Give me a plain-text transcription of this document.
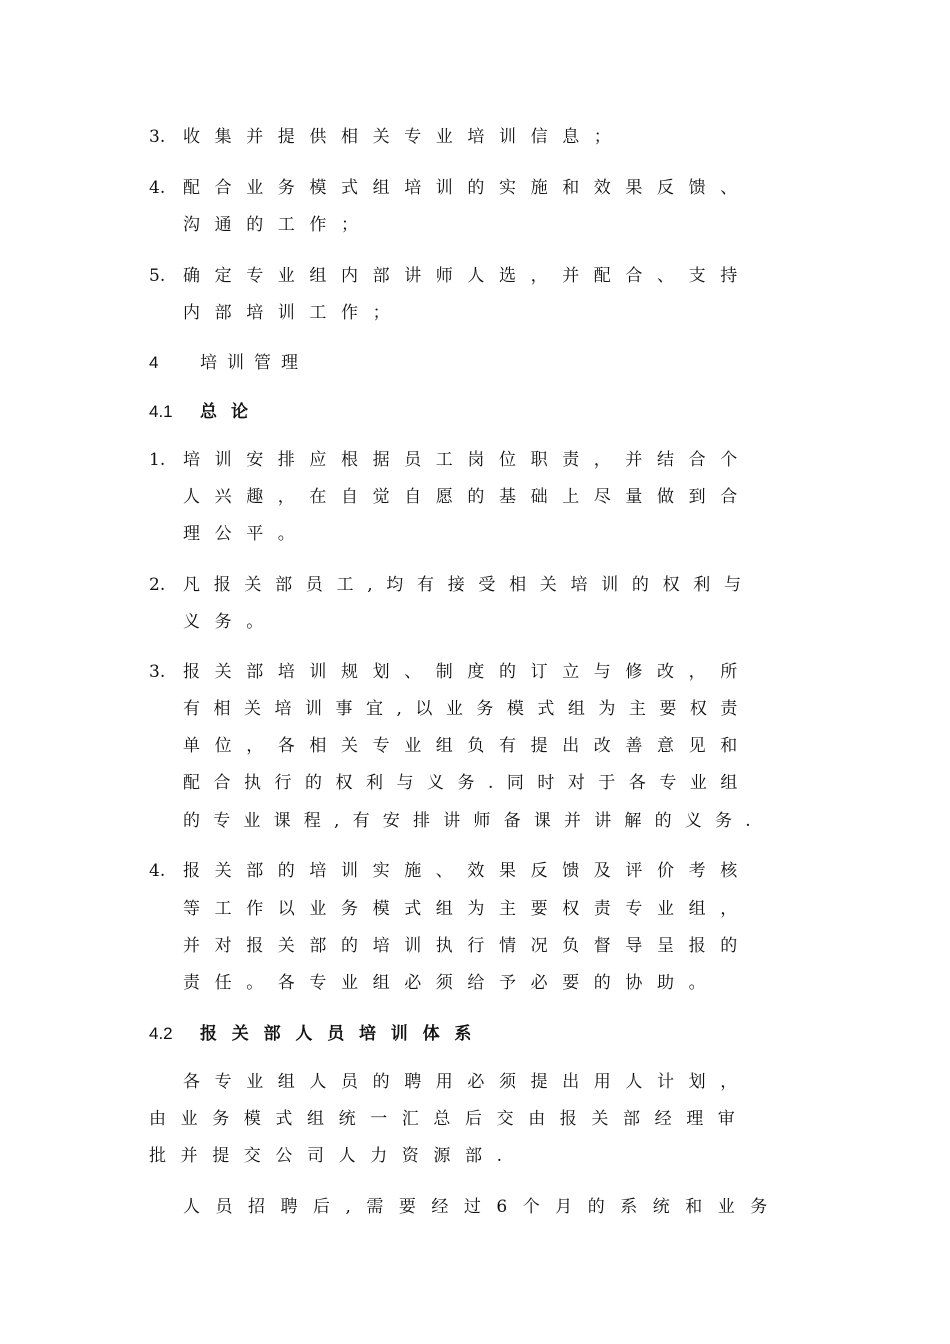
3. 收集并提供相关专业培训信息；
4. 配合业务模式组培训的实施和效果反馈、
沟通的工作；
5. 确定专业组内部讲师人选，并配合、支持
内部培训工作；
4 培训管理
4.1 总论
1. 培训安排应根据员工岗位职责，并结合个
人兴趣，在自觉自愿的基础上尽量做到合
理公平。
2. 凡报关部员工,均有接受相关培训的权利与
义务。
3. 报关部培训规划、制度的订立与修改，所
有相关培训事宜,以业务模式组为主要权责
单位，各相关专业组负有提出改善意见和
配合执行的权利与义务.同时对于各专业组
的专业课程,有安排讲师备课并讲解的义务.
4. 报关部的培训实施、效果反馈及评价考核
等工作以业务模式组为主要权责专业组，
并对报关部的培训执行情况负督导呈报的
责任。各专业组必须给予必要的协助。
4.2 报关部人员培训体系
各专业组人员的聘用必须提出用人计划，
由业务模式组统一汇总后交由报关部经理审
批并提交公司人力资源部.
人员招聘后,需要经过6个月的系统和业务
